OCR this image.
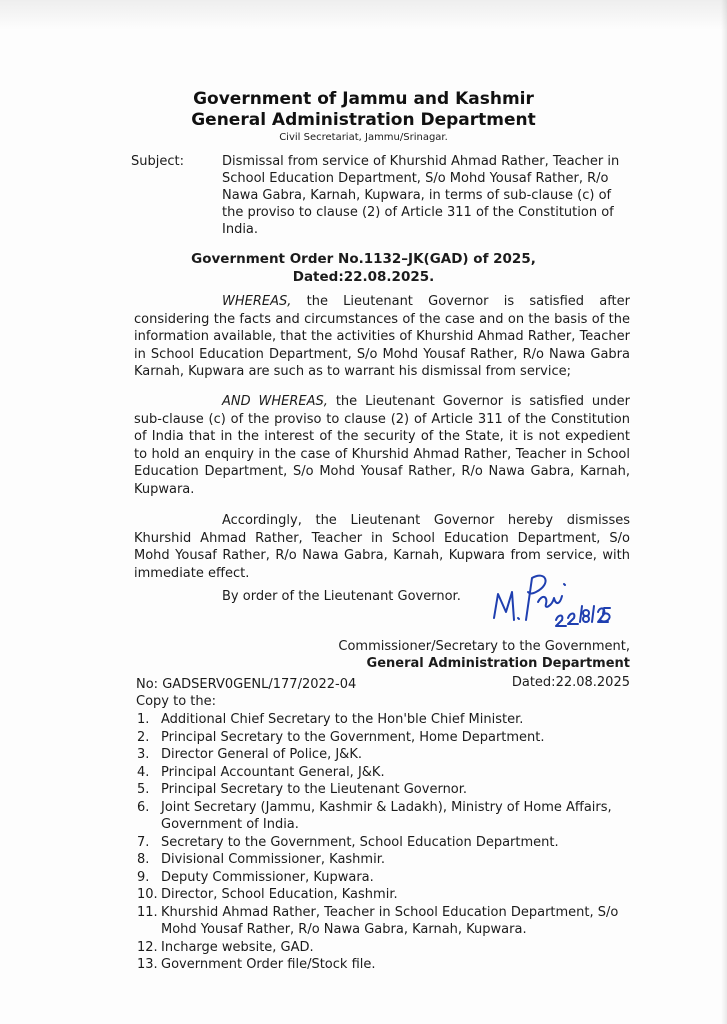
Government of Jammu and Kashmir
General Administration Department
Civil Secretariat, Jammu/Srinagar.
Subject:	Dismissal from service of Khurshid Ahmad Rather, Teacher in School Education Department, S/o Mohd Yousaf Rather, R/o Nawa Gabra, Karnah, Kupwara, in terms of sub-clause (c) of the proviso to clause (2) of Article 311 of the Constitution of India.
Government Order No.1132–JK(GAD) of 2025,
Dated:22.08.2025.
WHEREAS, the Lieutenant Governor is satisfied after considering the facts and circumstances of the case and on the basis of the information available, that the activities of Khurshid Ahmad Rather, Teacher in School Education Department, S/o Mohd Yousaf Rather, R/o Nawa Gabra Karnah, Kupwara are such as to warrant his dismissal from service;
AND WHEREAS, the Lieutenant Governor is satisfied under sub-clause (c) of the proviso to clause (2) of Article 311 of the Constitution of India that in the interest of the security of the State, it is not expedient to hold an enquiry in the case of Khurshid Ahmad Rather, Teacher in School Education Department, S/o Mohd Yousaf Rather, R/o Nawa Gabra, Karnah, Kupwara.
Accordingly, the Lieutenant Governor hereby dismisses Khurshid Ahmad Rather, Teacher in School Education Department, S/o Mohd Yousaf Rather, R/o Nawa Gabra, Karnah, Kupwara from service, with immediate effect.
By order of the Lieutenant Governor.
Commissioner/Secretary to the Government,
General Administration Department
No: GADSERV0GENL/177/2022-04	Dated:22.08.2025
Copy to the:
1. Additional Chief Secretary to the Hon'ble Chief Minister.
2. Principal Secretary to the Government, Home Department.
3. Director General of Police, J&K.
4. Principal Accountant General, J&K.
5. Principal Secretary to the Lieutenant Governor.
6. Joint Secretary (Jammu, Kashmir & Ladakh), Ministry of Home Affairs, Government of India.
7. Secretary to the Government, School Education Department.
8. Divisional Commissioner, Kashmir.
9. Deputy Commissioner, Kupwara.
10. Director, School Education, Kashmir.
11. Khurshid Ahmad Rather, Teacher in School Education Department, S/o Mohd Yousaf Rather, R/o Nawa Gabra, Karnah, Kupwara.
12. Incharge website, GAD.
13. Government Order file/Stock file.
